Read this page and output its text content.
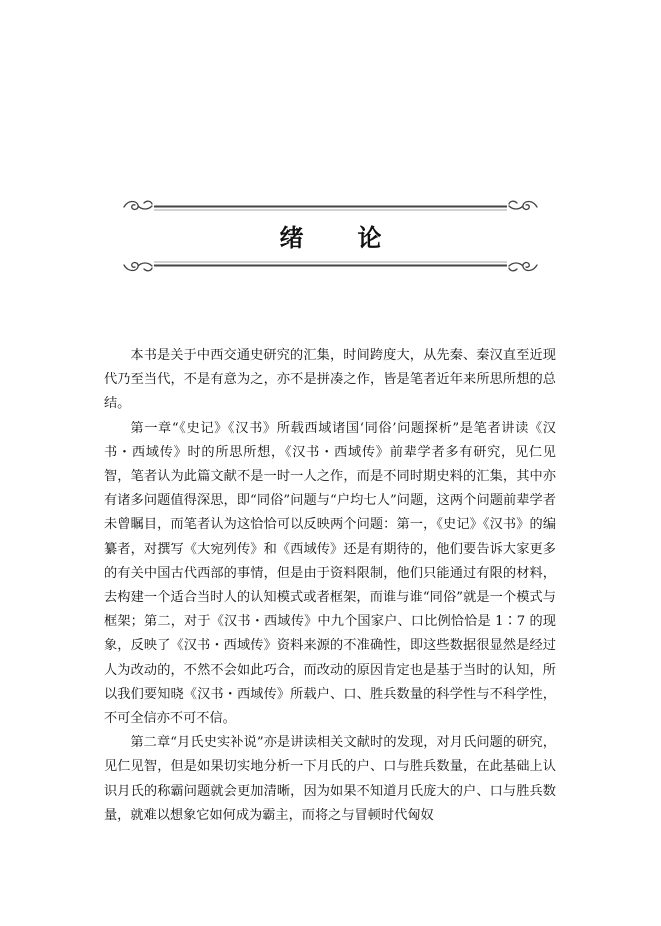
绪 论

本书是关于中西交通史研究的汇集，时间跨度大，从先秦、秦汉直至近现代乃至当代，不是有意为之，亦不是拼凑之作，皆是笔者近年来所思所想的总结。

第一章“《史记》《汉书》所载西域诸国‘同俗’问题探析”是笔者讲读《汉书・西域传》时的所思所想，《汉书・西域传》前辈学者多有研究，见仁见智，笔者认为此篇文献不是一时一人之作，而是不同时期史料的汇集，其中亦有诸多问题值得深思，即“同俗”问题与“户均七人”问题，这两个问题前辈学者未曾瞩目，而笔者认为这恰恰可以反映两个问题：第一，《史记》《汉书》的编纂者，对撰写《大宛列传》和《西域传》还是有期待的，他们要告诉大家更多的有关中国古代西部的事情，但是由于资料限制，他们只能通过有限的材料，去构建一个适合当时人的认知模式或者框架，而谁与谁“同俗”就是一个模式与框架；第二，对于《汉书・西域传》中九个国家户、口比例恰恰是 1∶7 的现象，反映了《汉书・西域传》资料来源的不准确性，即这些数据很显然是经过人为改动的，不然不会如此巧合，而改动的原因肯定也是基于当时的认知，所以我们要知晓《汉书・西域传》所载户、口、胜兵数量的科学性与不科学性，不可全信亦不可不信。

第二章“月氏史实补说”亦是讲读相关文献时的发现，对月氏问题的研究，见仁见智，但是如果切实地分析一下月氏的户、口与胜兵数量，在此基础上认识月氏的称霸问题就会更加清晰，因为如果不知道月氏庞大的户、口与胜兵数量，就难以想象它如何成为霸主，而将之与冒顿时代匈奴
